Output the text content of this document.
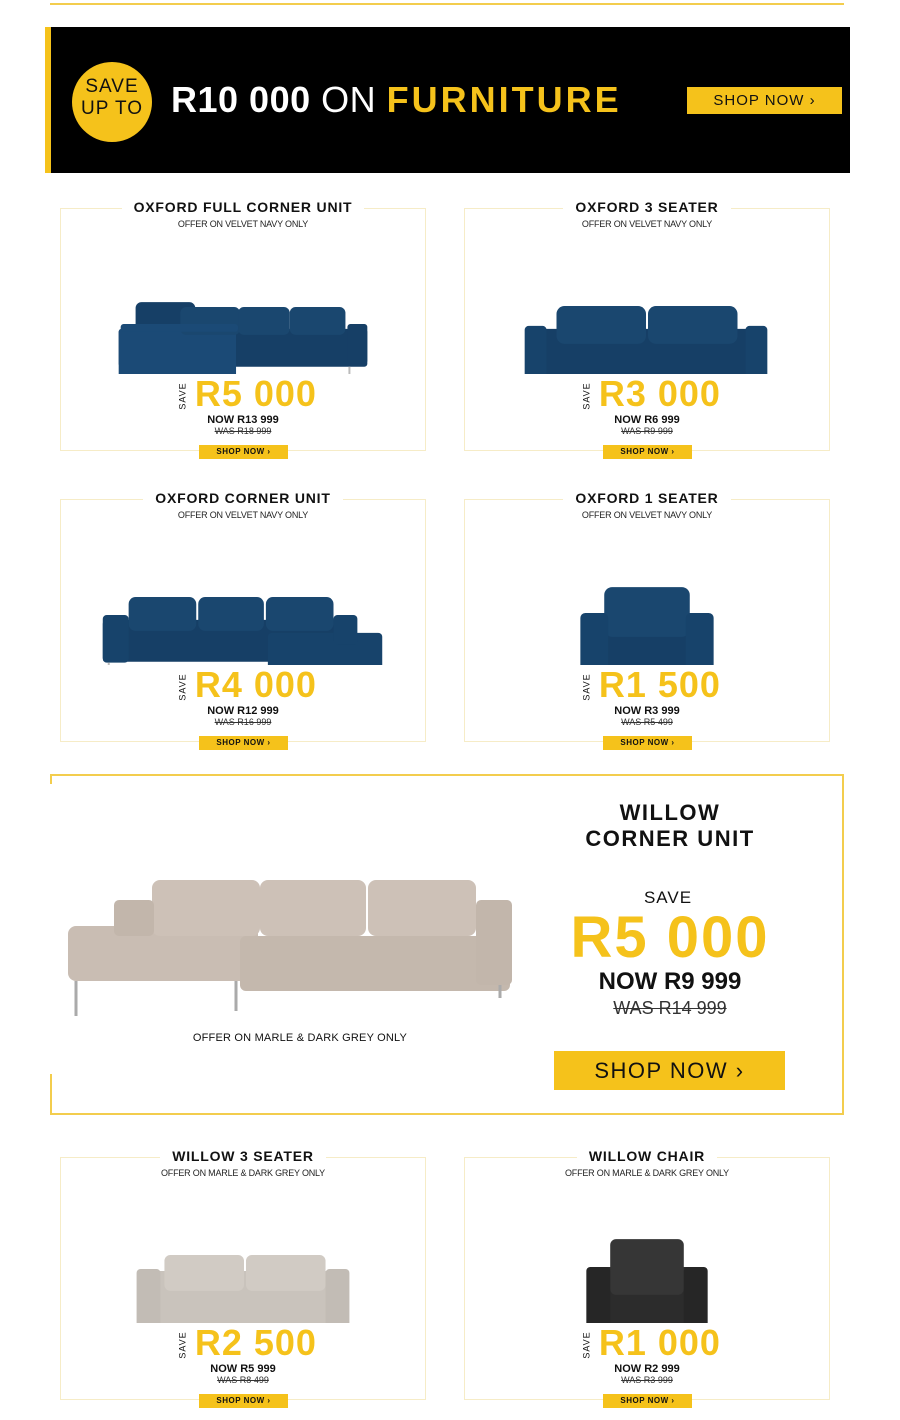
SAVE
UP TO R10 000 ON FURNITURE	SHOP NOW ›
OXFORD FULL CORNER UNIT
OFFER ON VELVET NAVY ONLY
SAVE R5 000
NOW R13 999
WAS R18 999
SHOP NOW ›
OXFORD 3 SEATER
OFFER ON VELVET NAVY ONLY
SAVE R3 000
NOW R6 999
WAS R9 999
SHOP NOW ›
OXFORD CORNER UNIT
OFFER ON VELVET NAVY ONLY
SAVE R4 000
NOW R12 999
WAS R16 999
SHOP NOW ›
OXFORD 1 SEATER
OFFER ON VELVET NAVY ONLY
SAVE R1 500
NOW R3 999
WAS R5 499
SHOP NOW ›
OFFER ON MARLE & DARK GREY ONLY
WILLOW
CORNER UNIT
SAVE
R5 000
NOW R9 999
WAS R14 999
SHOP NOW ›
WILLOW 3 SEATER
OFFER ON MARLE & DARK GREY ONLY
SAVE R2 500
NOW R5 999
WAS R8 499
SHOP NOW ›
WILLOW CHAIR
OFFER ON MARLE & DARK GREY ONLY
SAVE R1 000
NOW R2 999
WAS R3 999
SHOP NOW ›
